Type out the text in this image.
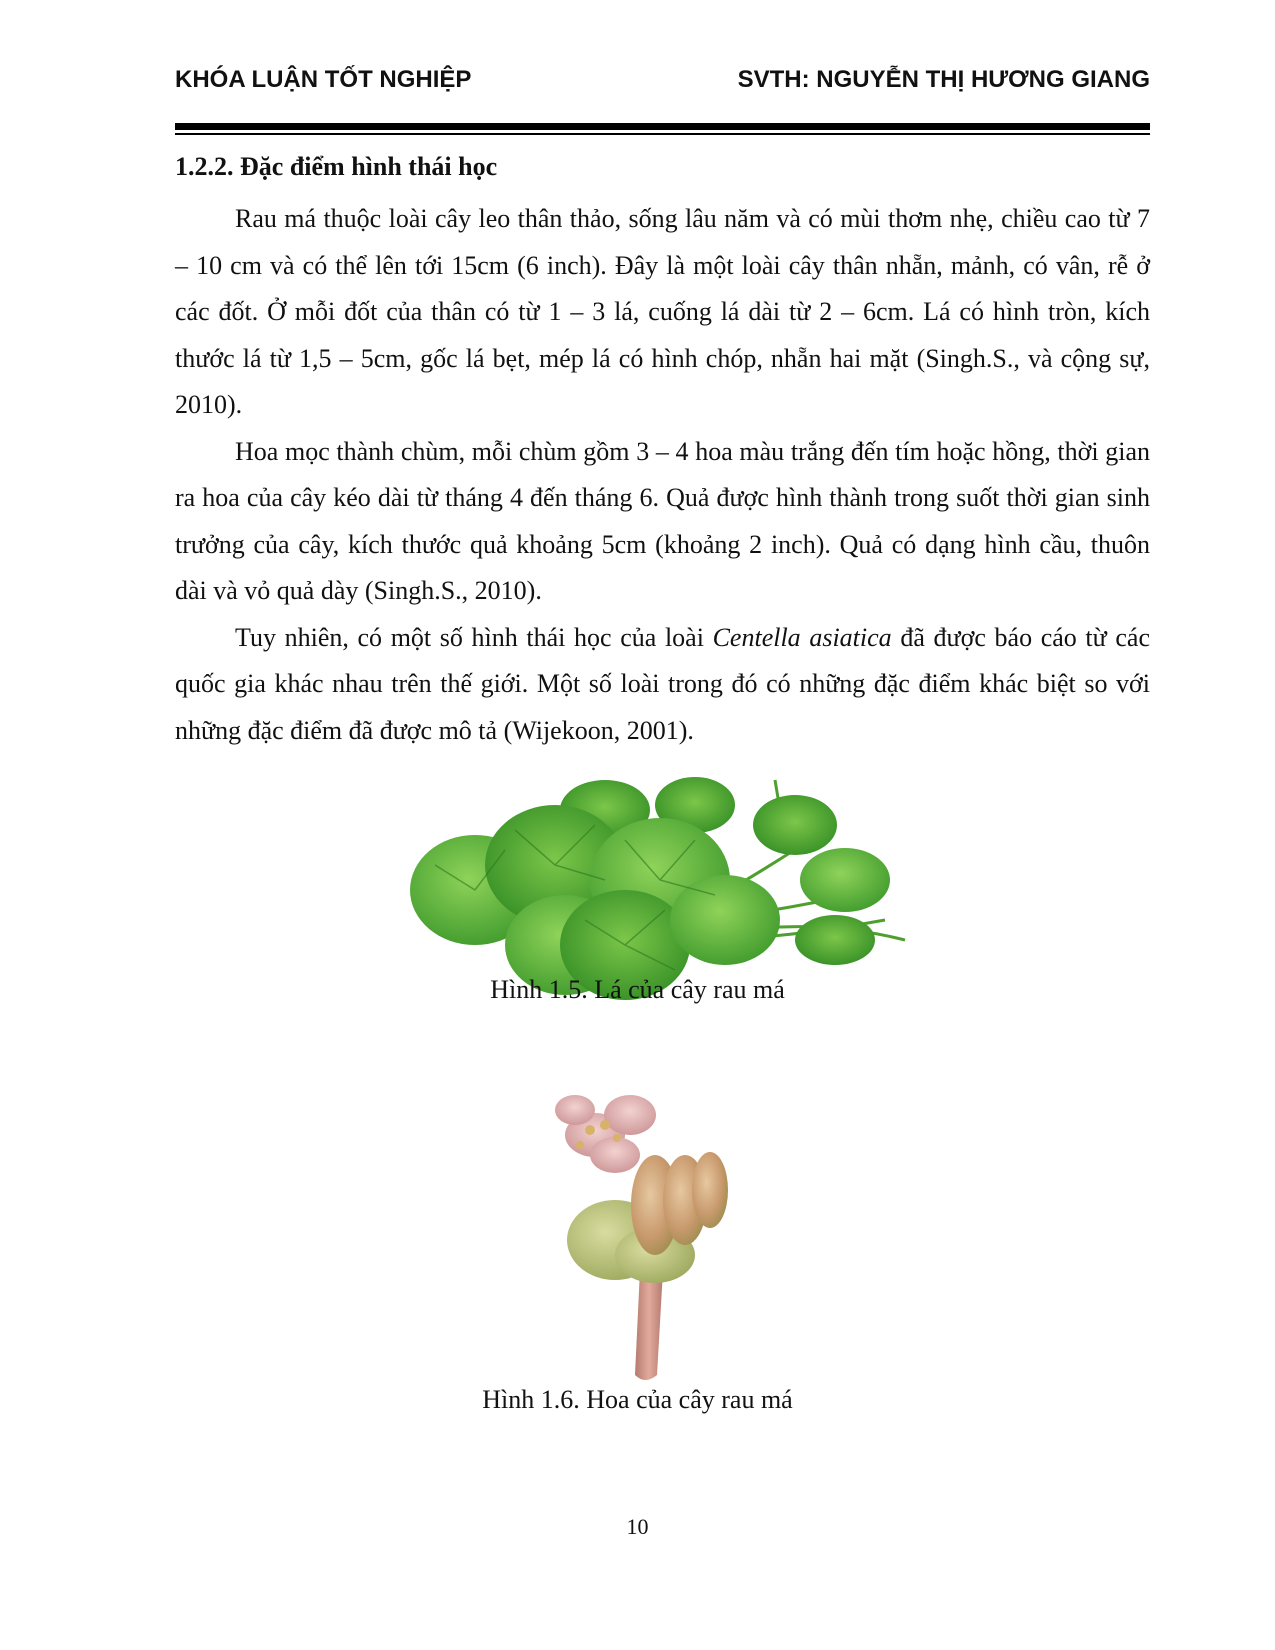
KHÓA LUẬN TỐT NGHIỆP	SVTH: NGUYỄN THỊ HƯƠNG GIANG

1.2.2. Đặc điểm hình thái học

Rau má thuộc loài cây leo thân thảo, sống lâu năm và có mùi thơm nhẹ, chiều cao từ 7 – 10 cm và có thể lên tới 15cm (6 inch). Đây là một loài cây thân nhẵn, mảnh, có vân, rễ ở các đốt. Ở mỗi đốt của thân có từ 1 – 3 lá, cuống lá dài từ 2 – 6cm. Lá có hình tròn, kích thước lá từ 1,5 – 5cm, gốc lá bẹt, mép lá có hình chóp, nhẵn hai mặt (Singh.S., và cộng sự, 2010).

Hoa mọc thành chùm, mỗi chùm gồm 3 – 4 hoa màu trắng đến tím hoặc hồng, thời gian ra hoa của cây kéo dài từ tháng 4 đến tháng 6. Quả được hình thành trong suốt thời gian sinh trưởng của cây, kích thước quả khoảng 5cm (khoảng 2 inch). Quả có dạng hình cầu, thuôn dài và vỏ quả dày (Singh.S., 2010).

Tuy nhiên, có một số hình thái học của loài Centella asiatica đã được báo cáo từ các quốc gia khác nhau trên thế giới. Một số loài trong đó có những đặc điểm khác biệt so với những đặc điểm đã được mô tả (Wijekoon, 2001).

Hình 1.5. Lá của cây rau má
Hình 1.6. Hoa của cây rau má
10
